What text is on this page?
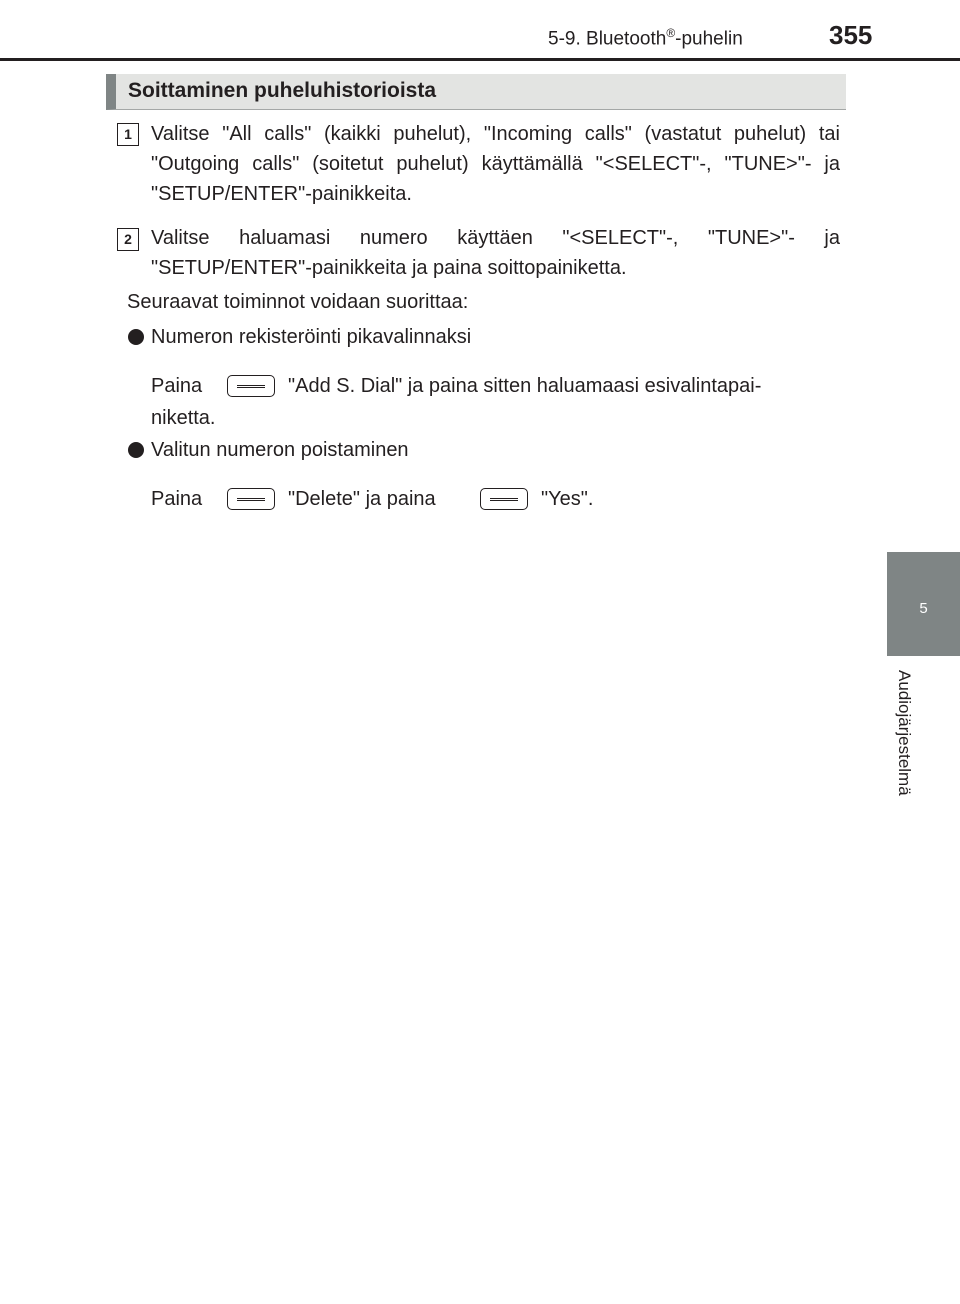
5-9. Bluetooth®-puhelin	355
5
Audiojärjestelmä
Soittaminen puheluhistorioista
1 Valitse "All calls" (kaikki puhelut), "Incoming calls" (vastatut puhelut) tai "Outgoing calls" (soitetut puhelut) käyttämällä "<SELECT"-, "TUNE>"- ja "SETUP/ENTER"-painikkeita.
2 Valitse haluamasi numero käyttäen "<SELECT"-, "TUNE>"- ja "SETUP/ENTER"-painikkeita ja paina soittopainiketta.
Seuraavat toiminnot voidaan suorittaa:
Numeron rekisteröinti pikavalinnaksi
Paina	"Add S. Dial" ja paina sitten haluamaasi esivalintapai-
niketta.
Valitun numeron poistaminen
Paina	"Delete" ja paina	"Yes".
